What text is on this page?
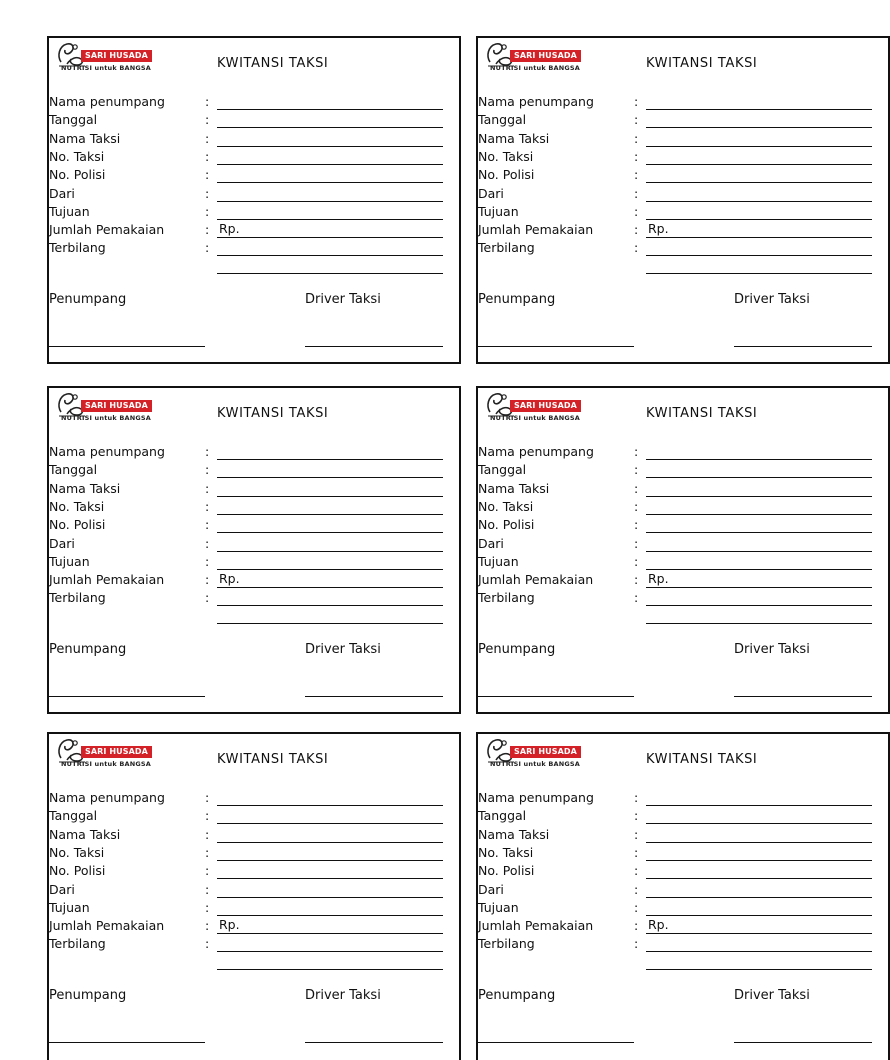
SARI HUSADA
NUTRISI untuk BANGSA	KWITANSI TAKSI
Nama penumpang	:
Tanggal	:
Nama Taksi	:
No. Taksi	:
No. Polisi	:
Dari	:
Tujuan	:
Jumlah Pemakaian	: Rp.
Terbilang	:
Penumpang	Driver Taksi
SARI HUSADA
NUTRISI untuk BANGSA	KWITANSI TAKSI
Nama penumpang	:
Tanggal	:
Nama Taksi	:
No. Taksi	:
No. Polisi	:
Dari	:
Tujuan	:
Jumlah Pemakaian	: Rp.
Terbilang	:
Penumpang	Driver Taksi
SARI HUSADA
NUTRISI untuk BANGSA	KWITANSI TAKSI
Nama penumpang	:
Tanggal	:
Nama Taksi	:
No. Taksi	:
No. Polisi	:
Dari	:
Tujuan	:
Jumlah Pemakaian	: Rp.
Terbilang	:
Penumpang	Driver Taksi
SARI HUSADA
NUTRISI untuk BANGSA	KWITANSI TAKSI
Nama penumpang	:
Tanggal	:
Nama Taksi	:
No. Taksi	:
No. Polisi	:
Dari	:
Tujuan	:
Jumlah Pemakaian	: Rp.
Terbilang	:
Penumpang	Driver Taksi
SARI HUSADA
NUTRISI untuk BANGSA	KWITANSI TAKSI
Nama penumpang	:
Tanggal	:
Nama Taksi	:
No. Taksi	:
No. Polisi	:
Dari	:
Tujuan	:
Jumlah Pemakaian	: Rp.
Terbilang	:
Penumpang	Driver Taksi
SARI HUSADA
NUTRISI untuk BANGSA	KWITANSI TAKSI
Nama penumpang	:
Tanggal	:
Nama Taksi	:
No. Taksi	:
No. Polisi	:
Dari	:
Tujuan	:
Jumlah Pemakaian	: Rp.
Terbilang	:
Penumpang	Driver Taksi
